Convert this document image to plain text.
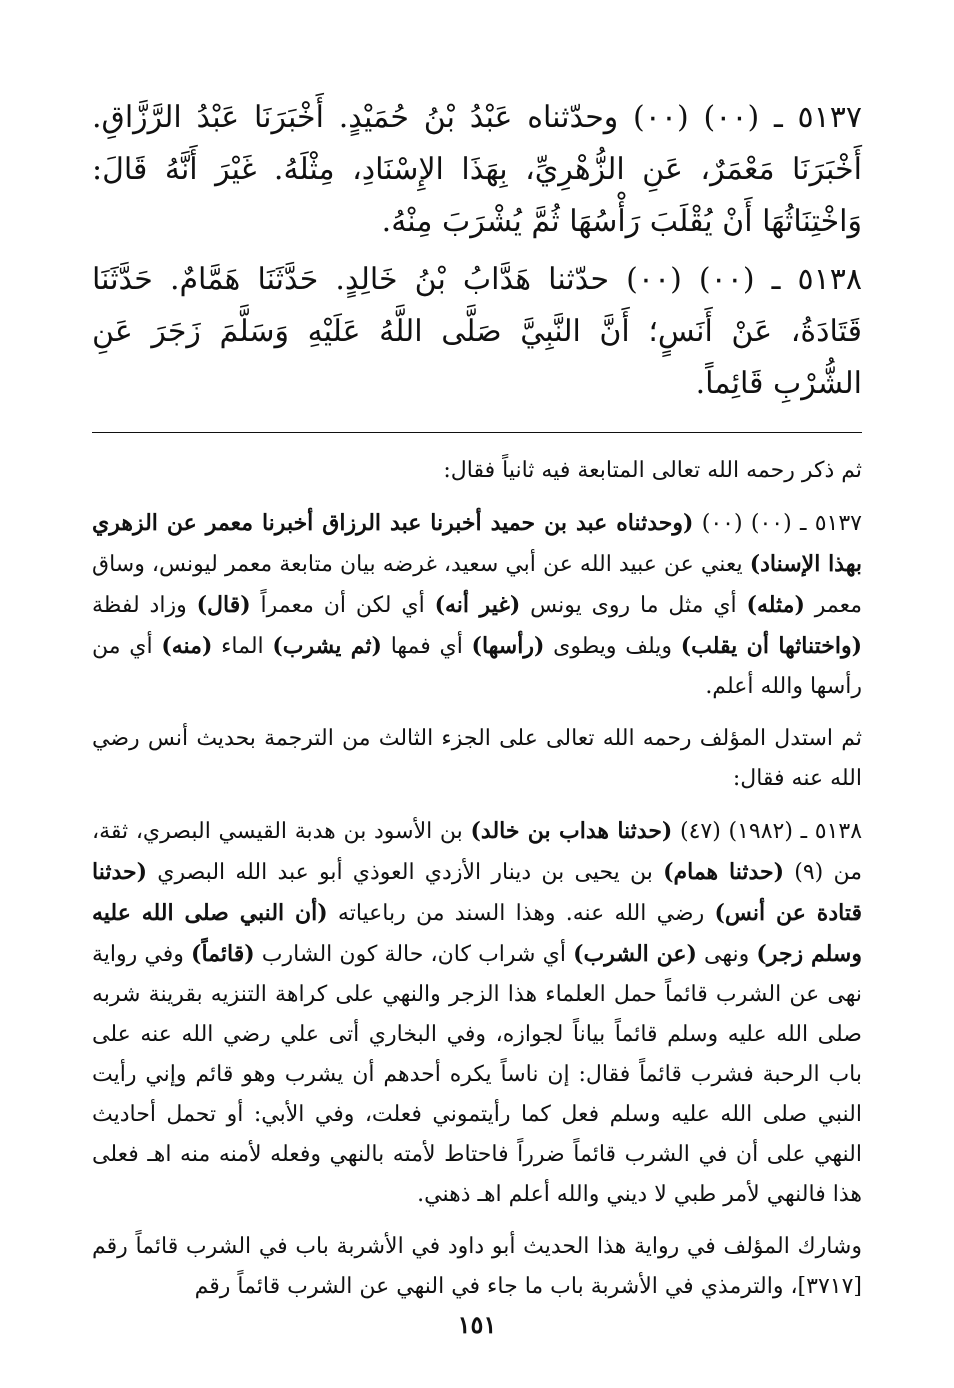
٥١٣٧ ـ (٠٠) (٠٠) وحدّثناه عَبْدُ بْنُ حُمَيْدٍ. أَخْبَرَنَا عَبْدُ الرَّزَّاقِ. أَخْبَرَنَا مَعْمَرٌ، عَنِ الزُّهْرِيِّ، بِهَذَا الإِسْنَادِ، مِثْلَهُ. غَيْرَ أَنَّهُ قَالَ: وَاخْتِنَاثُهَا أَنْ يُقْلَبَ رَأْسُهَا ثُمَّ يُشْرَبَ مِنْهُ.

٥١٣٨ ـ (٠٠) (٠٠) حدّثنا هَدَّابُ بْنُ خَالِدٍ. حَدَّثَنَا هَمَّامٌ. حَدَّثَنَا قَتَادَةُ، عَنْ أَنَسٍ؛ أَنَّ النَّبِيَّ صَلَّى اللَّهُ عَلَيْهِ وَسَلَّمَ زَجَرَ عَنِ الشُّرْبِ قَائِماً.

ثم ذكر رحمه الله تعالى المتابعة فيه ثانياً فقال:

٥١٣٧ ـ (٠٠) (٠٠) (وحدثناه عبد بن حميد أخبرنا عبد الرزاق أخبرنا معمر عن الزهري بهذا الإسناد) يعني عن عبيد الله عن أبي سعيد، غرضه بيان متابعة معمر ليونس، وساق معمر (مثله) أي مثل ما روى يونس (غير أنه) أي لكن أن معمراً (قال) وزاد لفظة (واختناثها أن يقلب) ويلف ويطوى (رأسها) أي فمها (ثم يشرب) الماء (منه) أي من رأسها والله أعلم.

ثم استدل المؤلف رحمه الله تعالى على الجزء الثالث من الترجمة بحديث أنس رضي الله عنه فقال:

٥١٣٨ ـ (١٩٨٢) (٤٧) (حدثنا هداب بن خالد) بن الأسود بن هدبة القيسي البصري، ثقة، من (٩) (حدثنا همام) بن يحيى بن دينار الأزدي العوذي أبو عبد الله البصري (حدثنا قتادة عن أنس) رضي الله عنه. وهذا السند من رباعياته (أن النبي صلى الله عليه وسلم زجر) ونهى (عن الشرب) أي شراب كان، حالة كون الشارب (قائماً) وفي رواية نهى عن الشرب قائماً حمل العلماء هذا الزجر والنهي على كراهة التنزيه بقرينة شربه صلى الله عليه وسلم قائماً بياناً لجوازه، وفي البخاري أتى علي رضي الله عنه على باب الرحبة فشرب قائماً فقال: إن ناساً يكره أحدهم أن يشرب وهو قائم وإني رأيت النبي صلى الله عليه وسلم فعل كما رأيتموني فعلت، وفي الأبي: أو تحمل أحاديث النهي على أن في الشرب قائماً ضرراً فاحتاط لأمته بالنهي وفعله لأمنه منه اهـ فعلى هذا فالنهي لأمر طبي لا ديني والله أعلم اهـ ذهني.

وشارك المؤلف في رواية هذا الحديث أبو داود في الأشربة باب في الشرب قائماً رقم [٣٧١٧]، والترمذي في الأشربة باب ما جاء في النهي عن الشرب قائماً رقم

١٥١
